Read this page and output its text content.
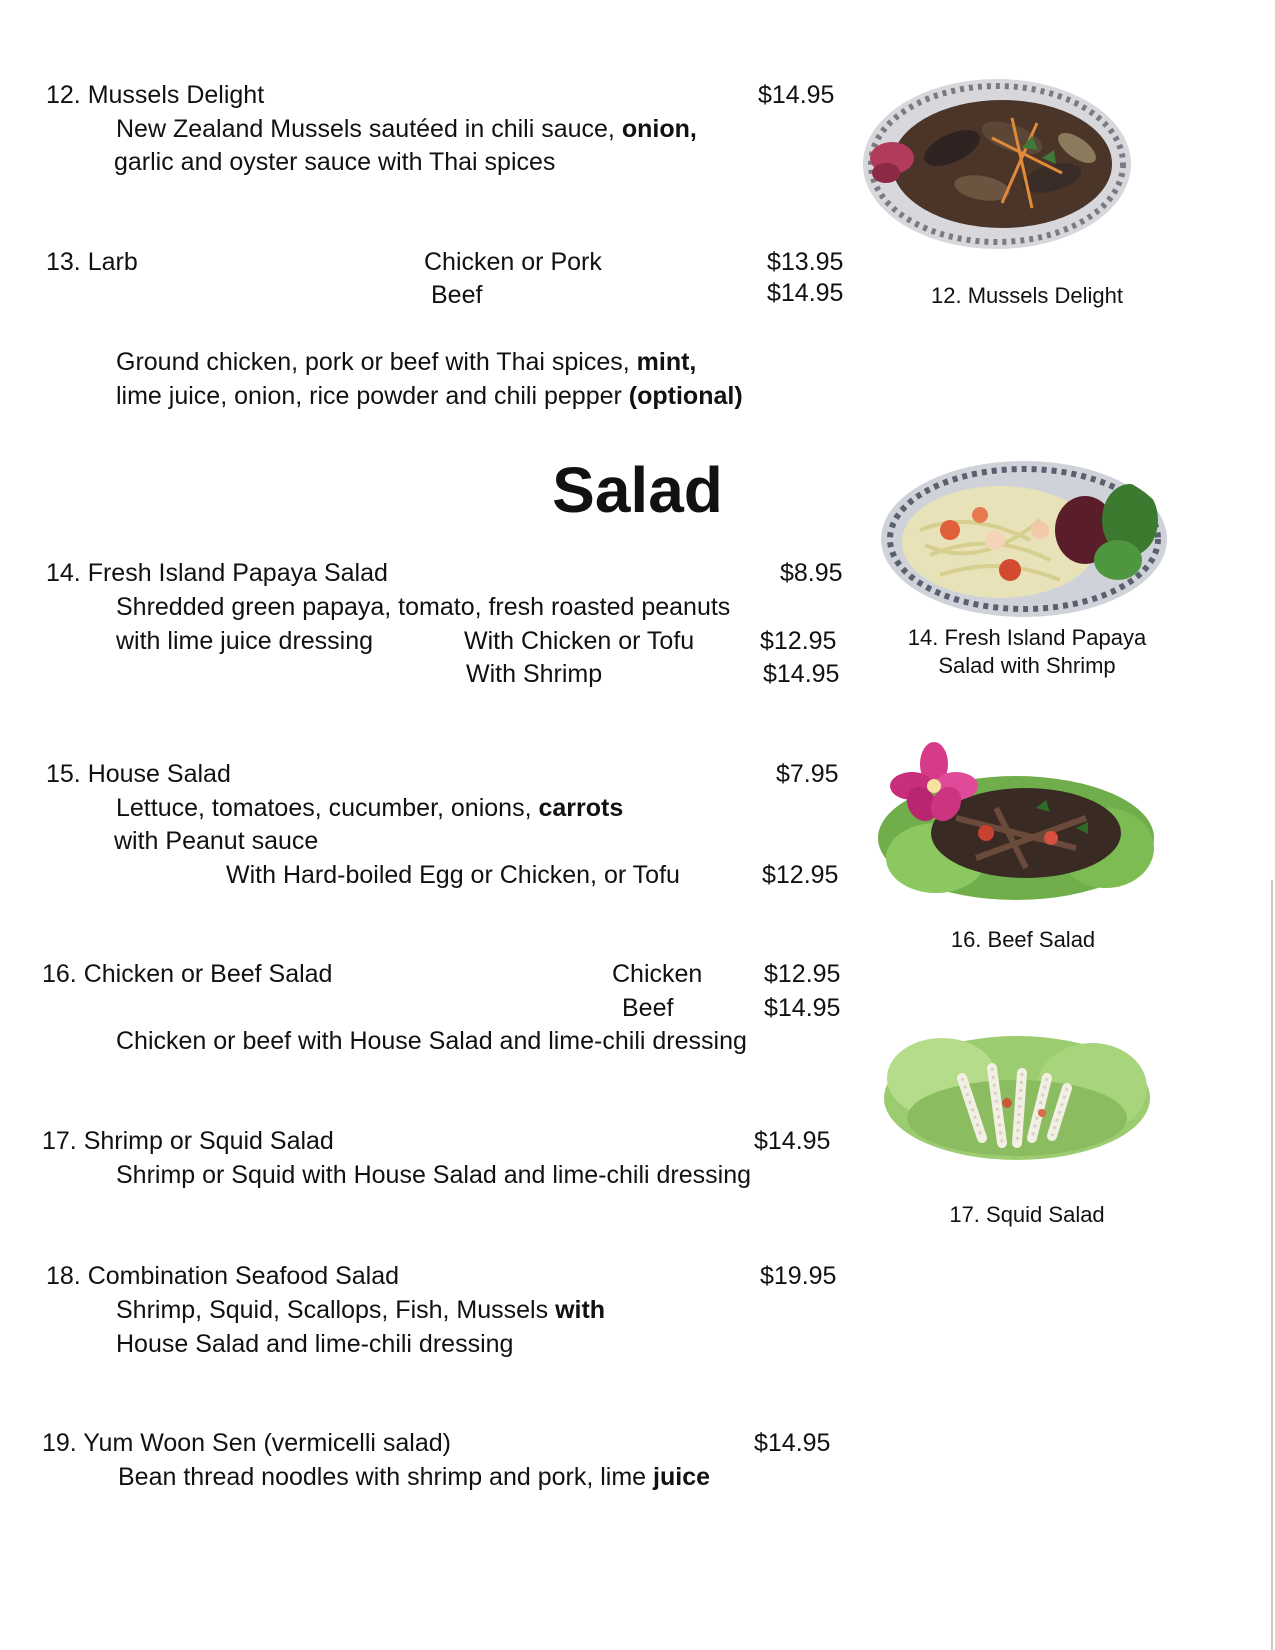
12. Mussels Delight	$14.95
New Zealand Mussels sautéed in chili sauce, onion,
garlic and oyster sauce with Thai spices
13. Larb	Chicken or Pork	$13.95
Beef	$14.95
Ground chicken, pork or beef with Thai spices, mint,
lime juice, onion, rice powder and chili pepper (optional)
Salad
14. Fresh Island Papaya Salad	$8.95
Shredded green papaya, tomato, fresh roasted peanuts
with lime juice dressing	With Chicken or Tofu	$12.95
With Shrimp	$14.95
15. House Salad	$7.95
Lettuce, tomatoes, cucumber, onions, carrots
with Peanut sauce
With Hard-boiled Egg or Chicken, or Tofu	$12.95
16. Chicken or Beef Salad	Chicken $12.95
Beef	$14.95
Chicken or beef with House Salad and lime-chili dressing
17. Shrimp or Squid Salad	$14.95
Shrimp or Squid with House Salad and lime-chili dressing
18. Combination Seafood Salad	$19.95
Shrimp, Squid, Scallops, Fish, Mussels with
House Salad and lime-chili dressing
19. Yum Woon Sen (vermicelli salad)	$14.95
Bean thread noodles with shrimp and pork, lime juice
12. Mussels Delight
14. Fresh Island Papaya
Salad with Shrimp
16. Beef Salad
17. Squid Salad
